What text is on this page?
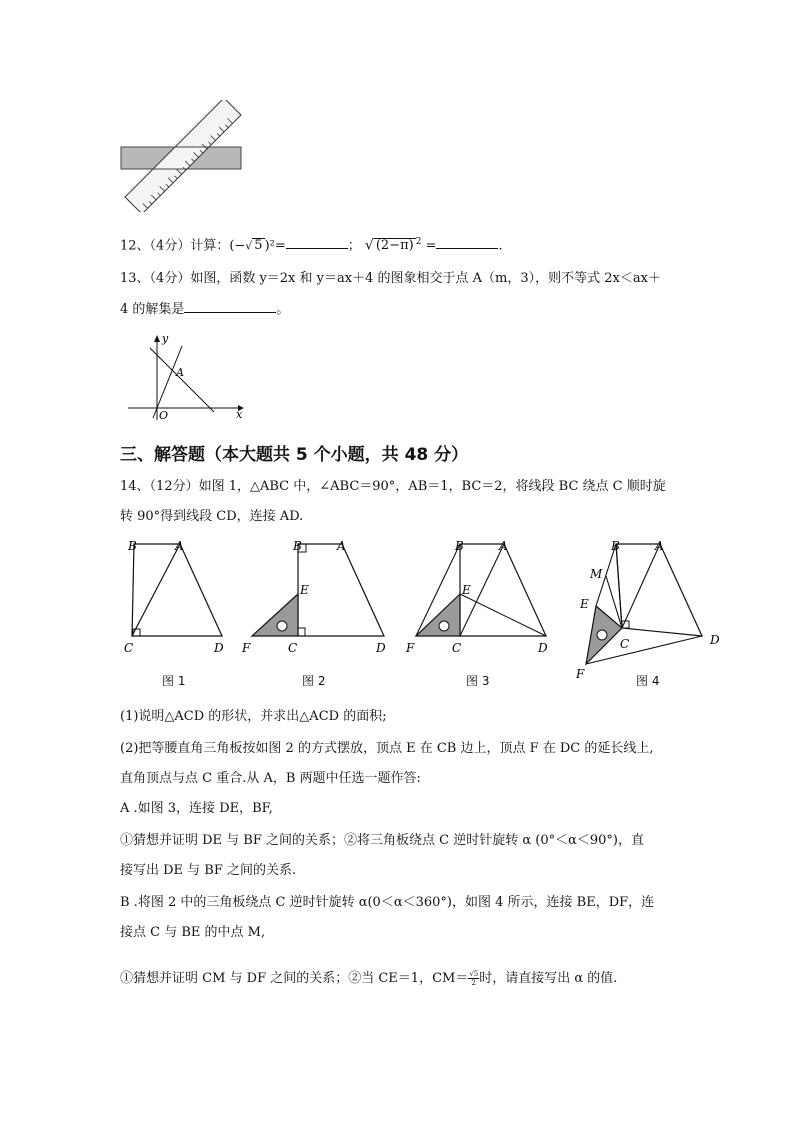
12、（4分）计算：(−√ 5 )²=	； √ (2−π) $^2$ =	.
13、（4分）如图，函数 y＝2x 和 y＝ax＋4 的图象相交于点 A（m，3），则不等式 2x＜ax＋
4 的解集是	。
y
x
O
A
三、解答题（本大题共 5 个小题，共 48 分）
14、（12分）如图 1，△ABC 中，∠ABC＝90°，AB＝1，BC＝2，将线段 BC 绕点 C 顺时旋
转 90°得到线段 CD，连接 AD.
B	A
C	D
图 1
B	A
E
F	C	D
图 2
B	A
E
F	C	D
图 3
B	A
M
E
F
C	D
图 4
(1)说明△ACD 的形状，并求出△ACD 的面积;
(2)把等腰直角三角板按如图 2 的方式摆放，顶点 E 在 CB 边上，顶点 F 在 DC 的延长线上,
直角顶点与点 C 重合.从 A，B 两题中任选一题作答:
A .如图 3，连接 DE，BF,
①猜想并证明 DE 与 BF 之间的关系；②将三角板绕点 C 逆时针旋转 α (0°＜α＜90°)，直
接写出 DE 与 BF 之间的关系.
B .将图 2 中的三角板绕点 C 逆时针旋转 α(0＜α＜360°)，如图 4 所示，连接 BE，DF，连
接点 C 与 BE 的中点 M,
①猜想并证明 CM 与 DF 之间的关系；②当 CE＝1，$CM= \frac{√5}{2}$ 时，请直接写出 α 的值.
